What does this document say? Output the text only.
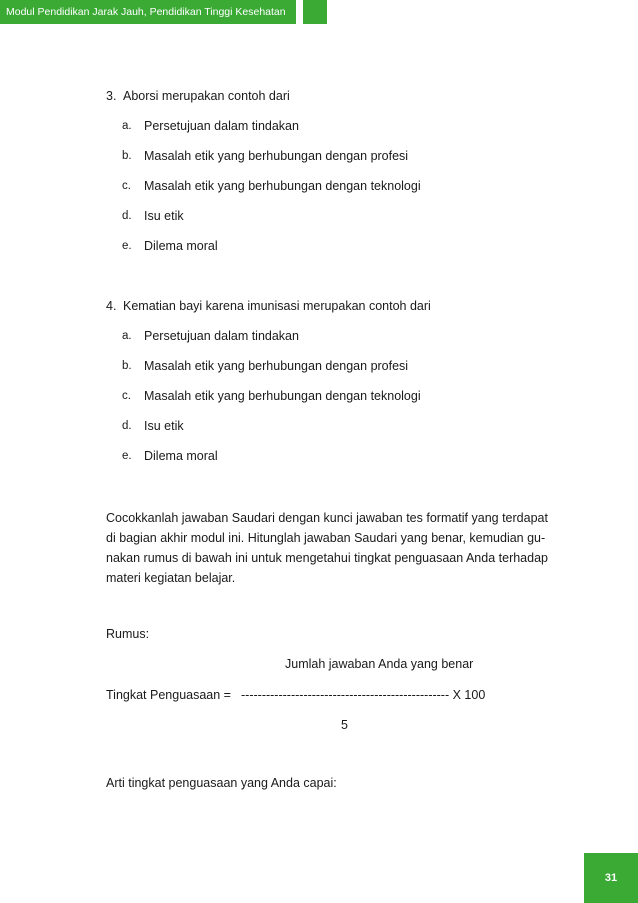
Modul Pendidikan Jarak Jauh, Pendidikan Tinggi Kesehatan
3. Aborsi merupakan contoh dari
a. Persetujuan dalam tindakan
b. Masalah etik yang berhubungan dengan profesi
c. Masalah etik yang berhubungan dengan teknologi
d. Isu etik
e. Dilema moral
4. Kematian bayi karena imunisasi merupakan contoh dari
a. Persetujuan dalam tindakan
b. Masalah etik yang berhubungan dengan profesi
c. Masalah etik yang berhubungan dengan teknologi
d. Isu etik
e. Dilema moral
Cocokkanlah jawaban Saudari dengan kunci jawaban tes formatif yang terdapat
di bagian akhir modul ini. Hitunglah jawaban Saudari yang benar, kemudian gu-
nakan rumus di bawah ini untuk mengetahui tingkat penguasaan Anda terhadap
materi kegiatan belajar.
Rumus:
Jumlah jawaban Anda yang benar
Tingkat Penguasaan = -------------------------------------------------- X 100
5
Arti tingkat penguasaan yang Anda capai:
31
